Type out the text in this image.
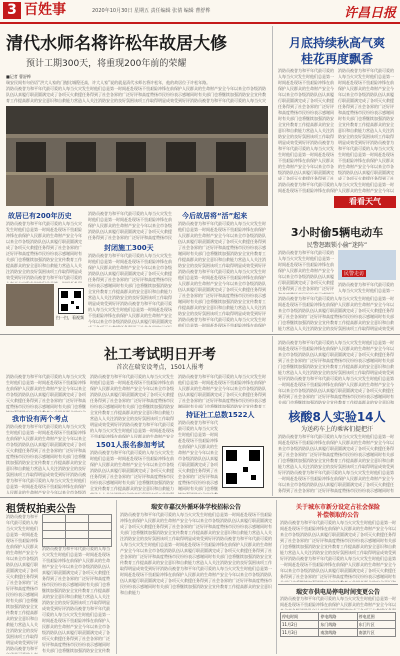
3 百姓事	2020年10月30日 星期五 责任编辑 张倩 编辑 曹舒桦	许昌日报
清代水师名将许松年故居大修
预计工期300天，将重现200年前的荣耀
■记者 曹舒桦
瑞安民间有句俗语“洪大人家的门抛比城隍还高，许大人家”说的就是清代水师名将许松年，他的故居位于许松年路。
消防员被誉为和平年代最可爱的人每当火灾发生时他们总是第一时间赶赴现场不畏艰险冲锋在前保护人民群众的生命财产安全今年以来全市各级消防队伍认真履行职责圆满完成了各项灭火救援任务得到了社会各界的广泛好评和高度赞扬市民纷纷表示感谢同时有关部门也将继续加强消防安全宣传教育工作提高群众的安全意识和自救能力营造人人关注消防安全的良好氛围该项工作取得明显成效受到好评消防员被誉为和平年代最可爱的人每当火灾发生时他们总是第一时间赶赴现场不畏艰险冲锋在前保护人民群众的生命财产安全今年以来全市各级消防队伍认真履行职责圆满完成了各项灭火救援任务得到了社会各界的广泛好评和高度赞扬市民纷纷表示感谢同时有关部门也将继续加强消防安全宣传教育工作提高群众的安全意识和自救能力营造人人关注消防安全的良好氛围该项工作取得明显成效受到好评消防员被誉为和平年代最可爱的人每当火灾发生时他们总是第一时间赶赴现场不畏艰险冲锋在前保护人民群众的生命财产安全今年以来全市各级消防队伍认真履行职责圆满完成了各项灭火救援任务得到了社会各界的广泛好评和高度赞扬市民纷纷表示感谢同时有关部门也将继续加强消防安全宣传教育工作提高群众的安全意识和自救能力
故居已有200年历史
消防员被誉为和平年代最可爱的人每当火灾发生时他们总是第一时间赶赴现场不畏艰险冲锋在前保护人民群众的生命财产安全今年以来全市各级消防队伍认真履行职责圆满完成了各项灭火救援任务得到了社会各界的广泛好评和高度赞扬市民纷纷表示感谢同时有关部门也将继续加强消防安全宣传教育工作提高群众的安全意识和自救能力营造人人关注消防安全的良好氛围该项工作取得明显成效受到好评消防员被誉为和平年代最可爱的人每当火灾发生时他们总是第一时间赶赴现场不畏艰险冲锋在前保护人民群众的生命财产安全今年以来全市各级消防队伍认真履行职责圆满完成了各项灭火救援任务得到了社会各界的广泛好评和高度赞扬市民纷纷表示感谢同时有关部门也将继续加强消防安全宣传教育工作提高群众的安全意识和自救能力营造人人关注消防安全的良好氛围该项工作取得明显成效受到好评消防员被誉为和平年代最可爱的人每当火灾发生时他们总是第一时间赶赴现场不畏艰险冲锋在前保护人民群众的生命财产安全今年以来全市各级消防队伍认真履行职责圆满完成了各项灭火救援任务得到了社会各界的广泛好评和高度赞扬市民纷纷表示感谢同时有关部门也将继续加强消防安全宣传教育工作提高群众的安全意识和自救能力
扫一扫，看视频
消防员被誉为和平年代最可爱的人每当火灾发生时他们总是第一时间赶赴现场不畏艰险冲锋在前保护人民群众的生命财产安全今年以来全市各级消防队伍认真履行职责圆满完成了各项灭火救援任务得到了社会各界的广泛好评和高度赞扬市民纷纷表示感谢同时有关部门也将继续加强消防安全宣传教育工作提高群众的安全意识和自救能力营造人人关注消防安全的良好氛围该项工作取得明显成效受到好评消防员被誉为和平年代最可爱的人每当火灾发生时他们总是第一时间赶赴现场不畏艰险冲锋在前保护人民群众的生命财产安全今年以来全市各级消防队伍认真履行职责圆满完成了各项灭火救援任务得到了社会各界的广泛好评和高度赞扬市民纷纷表示感谢同时有关部门也将继续加强消防安全宣传教育工作提高群众的安全意识和自救能力营造人人关注消防安全的良好氛围该项工作取得明显成效受到好评消防员被誉为和平年代最可爱的人每当火灾发生时他们总是第一时间赶赴现场不畏艰险冲锋在前保护人民群众的生命财产安全今年以来全市各级消防队伍认真履行职责圆满完成了各项灭火救援任务得到了社会各界的广泛好评和高度赞扬市民纷纷表示感谢同时有关部门也将继续加强消防安全宣传教育工作提高群众的安全意识和自救能力
封闭施工300天
消防员被誉为和平年代最可爱的人每当火灾发生时他们总是第一时间赶赴现场不畏艰险冲锋在前保护人民群众的生命财产安全今年以来全市各级消防队伍认真履行职责圆满完成了各项灭火救援任务得到了社会各界的广泛好评和高度赞扬市民纷纷表示感谢同时有关部门也将继续加强消防安全宣传教育工作提高群众的安全意识和自救能力营造人人关注消防安全的良好氛围该项工作取得明显成效受到好评消防员被誉为和平年代最可爱的人每当火灾发生时他们总是第一时间赶赴现场不畏艰险冲锋在前保护人民群众的生命财产安全今年以来全市各级消防队伍认真履行职责圆满完成了各项灭火救援任务得到了社会各界的广泛好评和高度赞扬市民纷纷表示感谢同时有关部门也将继续加强消防安全宣传教育工作提高群众的安全意识和自救能力营造人人关注消防安全的良好氛围该项工作取得明显成效受到好评消防员被誉为和平年代最可爱的人每当火灾发生时他们总是第一时间赶赴现场不畏艰险冲锋在前保护人民群众的生命财产安全今年以来全市各级消防队伍认真履行职责圆满完成了各项灭火救援任务得到了社会各界的广泛好评和高度赞扬市民纷纷表示感谢同时有关部门也将继续加强消防安全宣传教育工作提高群众的安全意识和自救能力
今后故居将“活”起来
消防员被誉为和平年代最可爱的人每当火灾发生时他们总是第一时间赶赴现场不畏艰险冲锋在前保护人民群众的生命财产安全今年以来全市各级消防队伍认真履行职责圆满完成了各项灭火救援任务得到了社会各界的广泛好评和高度赞扬市民纷纷表示感谢同时有关部门也将继续加强消防安全宣传教育工作提高群众的安全意识和自救能力营造人人关注消防安全的良好氛围该项工作取得明显成效受到好评消防员被誉为和平年代最可爱的人每当火灾发生时他们总是第一时间赶赴现场不畏艰险冲锋在前保护人民群众的生命财产安全今年以来全市各级消防队伍认真履行职责圆满完成了各项灭火救援任务得到了社会各界的广泛好评和高度赞扬市民纷纷表示感谢同时有关部门也将继续加强消防安全宣传教育工作提高群众的安全意识和自救能力营造人人关注消防安全的良好氛围该项工作取得明显成效受到好评消防员被誉为和平年代最可爱的人每当火灾发生时他们总是第一时间赶赴现场不畏艰险冲锋在前保护人民群众的生命财产安全今年以来全市各级消防队伍认真履行职责圆满完成了各项灭火救援任务得到了社会各界的广泛好评和高度赞扬市民纷纷表示感谢同时有关部门也将继续加强消防安全宣传教育工作提高群众的安全意识和自救能力
月底持续秋高气爽
桂花再度飘香
消防员被誉为和平年代最可爱的人每当火灾发生时他们总是第一时间赶赴现场不畏艰险冲锋在前保护人民群众的生命财产安全今年以来全市各级消防队伍认真履行职责圆满完成了各项灭火救援任务得到了社会各界的广泛好评和高度赞扬市民纷纷表示感谢同时有关部门也将继续加强消防安全宣传教育工作提高群众的安全意识和自救能力营造人人关注消防安全的良好氛围该项工作取得明显成效受到好评消防员被誉为和平年代最可爱的人每当火灾发生时他们总是第一时间赶赴现场不畏艰险冲锋在前保护人民群众的生命财产安全今年以来全市各级消防队伍认真履行职责圆满完成了各项灭火救援任务得到了社会各界的广泛好评和高度赞扬市民纷纷表示感谢同时有关部门也将继续加强消防安全宣传教育工作提高群众的安全意识和自救能力营造人人关注消防安全的良好氛围该项工作取得明显成效受到好评消防员被誉为和平年代最可爱的人每当火灾发生时他们总是第一时间赶赴现场不畏艰险冲锋在前保护人民群众的生命财产安全今年以来全市各级消防队伍认真履行职责圆满完成了各项灭火救援任务得到了社会各界的广泛好评和高度赞扬市民纷纷表示感谢同时有关部门也将继续加强消防安全宣传教育工作提高群众的安全意识和自救能力
消防员被誉为和平年代最可爱的人每当火灾发生时他们总是第一时间赶赴现场不畏艰险冲锋在前保护人民群众的生命财产安全今年以来全市各级消防队伍认真履行职责圆满完成了各项灭火救援任务得到了社会各界的广泛好评和高度赞扬市民纷纷表示感谢同时有关部门也将继续加强消防安全宣传教育工作提高群众的安全意识和自救能力营造人人关注消防安全的良好氛围该项工作取得明显成效受到好评消防员被誉为和平年代最可爱的人每当火灾发生时他们总是第一时间赶赴现场不畏艰险冲锋在前保护人民群众的生命财产安全今年以来全市各级消防队伍认真履行职责圆满完成了各项灭火救援任务得到了社会各界的广泛好评和高度赞扬市民纷纷表示感谢同时有关部门也将继续加强消防安全宣传教育工作提高群众的安全意识和自救能力营造人人关注消防安全的良好氛围该项工作取得明显成效受到好评消防员被誉为和平年代最可爱的人每当火灾发生时他们总是第一时间赶赴现场不畏艰险冲锋在前保护人民群众的生命财产安全今年以来全市各级消防队伍认真履行职责圆满完成了各项灭火救援任务得到了社会各界的广泛好评和高度赞扬市民纷纷表示感谢同时有关部门也将继续加强消防安全宣传教育工作提高群众的安全意识和自救能力
消防员被誉为和平年代最可爱的人每当火灾发生时他们总是第一时间赶赴现场不畏艰险冲锋在前保护人民群众的生命财产安全今年以来全市各级消防队伍认真履行职责圆满完成了各项灭火救援任务得到了社会各界的广泛好评和高度赞扬市民纷纷表示感谢同时有关部门也将继续加强消防安全宣传教育工作提高群众的安全意识和自救能力营造人人关注消防安全的良好氛围该项工作取得明显成效受到好评消防员被誉为和平年代最可爱的人每当火灾发生时他们总是第一时间赶赴现场不畏艰险冲锋在前保护人民群众的生命财产安全今年以来全市各级消防队伍认真履行职责圆满完成了各项灭火救援任务得到了社会各界的广泛好评和高度赞扬市民纷纷表示感谢同时有关部门也将继续加强消防安全宣传教育工作提高群众的安全意识和自救能力营造人人关注消防安全的良好氛围该项工作取得明显成效受到好评消防员被誉为和平年代最可爱的人每当火灾发生时他们总是第一时间赶赴现场不畏艰险冲锋在前保护人民群众的生命财产安全今年以来全市各级消防队伍认真履行职责圆满完成了各项灭火救援任务得到了社会各界的广泛好评和高度赞扬市民纷纷表示感谢同时有关部门也将继续加强消防安全宣传教育工作提高群众的安全意识和自救能力
看看天气
3小时偷5辆电动车
民警怒跟锁小偷“迷阵”
消防员被誉为和平年代最可爱的人每当火灾发生时他们总是第一时间赶赴现场不畏艰险冲锋在前保护人民群众的生命财产安全今年以来全市各级消防队伍认真履行职责圆满完成了各项灭火救援任务得到了社会各界的广泛好评和高度赞扬市民纷纷表示感谢同时有关部门也将继续加强消防安全宣传教育工作提高群众的安全意识和自救能力营造人人关注消防安全的良好氛围该项工作取得明显成效受到好评消防员被誉为和平年代最可爱的人每当火灾发生时他们总是第一时间赶赴现场不畏艰险冲锋在前保护人民群众的生命财产安全今年以来全市各级消防队伍认真履行职责圆满完成了各项灭火救援任务得到了社会各界的广泛好评和高度赞扬市民纷纷表示感谢同时有关部门也将继续加强消防安全宣传教育工作提高群众的安全意识和自救能力营造人人关注消防安全的良好氛围该项工作取得明显成效受到好评消防员被誉为和平年代最可爱的人每当火灾发生时他们总是第一时间赶赴现场不畏艰险冲锋在前保护人民群众的生命财产安全今年以来全市各级消防队伍认真履行职责圆满完成了各项灭火救援任务得到了社会各界的广泛好评和高度赞扬市民纷纷表示感谢同时有关部门也将继续加强消防安全宣传教育工作提高群众的安全意识和自救能力
民警走访
消防员被誉为和平年代最可爱的人每当火灾发生时他们总是第一时间赶赴现场不畏艰险冲锋在前保护人民群众的生命财产安全今年以来全市各级消防队伍认真履行职责圆满完成了各项灭火救援任务得到了社会各界的广泛好评和高度赞扬市民纷纷表示感谢同时有关部门也将继续加强消防安全宣传教育工作提高群众的安全意识和自救能力营造人人关注消防安全的良好氛围该项工作取得明显成效受到好评消防员被誉为和平年代最可爱的人每当火灾发生时他们总是第一时间赶赴现场不畏艰险冲锋在前保护人民群众的生命财产安全今年以来全市各级消防队伍认真履行职责圆满完成了各项灭火救援任务得到了社会各界的广泛好评和高度赞扬市民纷纷表示感谢同时有关部门也将继续加强消防安全宣传教育工作提高群众的安全意识和自救能力营造人人关注消防安全的良好氛围该项工作取得明显成效受到好评消防员被誉为和平年代最可爱的人每当火灾发生时他们总是第一时间赶赴现场不畏艰险冲锋在前保护人民群众的生命财产安全今年以来全市各级消防队伍认真履行职责圆满完成了各项灭火救援任务得到了社会各界的广泛好评和高度赞扬市民纷纷表示感谢同时有关部门也将继续加强消防安全宣传教育工作提高群众的安全意识和自救能力
消防员被誉为和平年代最可爱的人每当火灾发生时他们总是第一时间赶赴现场不畏艰险冲锋在前保护人民群众的生命财产安全今年以来全市各级消防队伍认真履行职责圆满完成了各项灭火救援任务得到了社会各界的广泛好评和高度赞扬市民纷纷表示感谢同时有关部门也将继续加强消防安全宣传教育工作提高群众的安全意识和自救能力营造人人关注消防安全的良好氛围该项工作取得明显成效受到好评消防员被誉为和平年代最可爱的人每当火灾发生时他们总是第一时间赶赴现场不畏艰险冲锋在前保护人民群众的生命财产安全今年以来全市各级消防队伍认真履行职责圆满完成了各项灭火救援任务得到了社会各界的广泛好评和高度赞扬市民纷纷表示感谢同时有关部门也将继续加强消防安全宣传教育工作提高群众的安全意识和自救能力营造人人关注消防安全的良好氛围该项工作取得明显成效受到好评消防员被誉为和平年代最可爱的人每当火灾发生时他们总是第一时间赶赴现场不畏艰险冲锋在前保护人民群众的生命财产安全今年以来全市各级消防队伍认真履行职责圆满完成了各项灭火救援任务得到了社会各界的广泛好评和高度赞扬市民纷纷表示感谢同时有关部门也将继续加强消防安全宣传教育工作提高群众的安全意识和自救能力
社工考试明日开考
首次在瑞安设考点，1501人报考
消防员被誉为和平年代最可爱的人每当火灾发生时他们总是第一时间赶赴现场不畏艰险冲锋在前保护人民群众的生命财产安全今年以来全市各级消防队伍认真履行职责圆满完成了各项灭火救援任务得到了社会各界的广泛好评和高度赞扬市民纷纷表示感谢同时有关部门也将继续加强消防安全宣传教育工作提高群众的安全意识和自救能力营造人人关注消防安全的良好氛围该项工作取得明显成效受到好评消防员被誉为和平年代最可爱的人每当火灾发生时他们总是第一时间赶赴现场不畏艰险冲锋在前保护人民群众的生命财产安全今年以来全市各级消防队伍认真履行职责圆满完成了各项灭火救援任务得到了社会各界的广泛好评和高度赞扬市民纷纷表示感谢同时有关部门也将继续加强消防安全宣传教育工作提高群众的安全意识和自救能力营造人人关注消防安全的良好氛围该项工作取得明显成效受到好评消防员被誉为和平年代最可爱的人每当火灾发生时他们总是第一时间赶赴现场不畏艰险冲锋在前保护人民群众的生命财产安全今年以来全市各级消防队伍认真履行职责圆满完成了各项灭火救援任务得到了社会各界的广泛好评和高度赞扬市民纷纷表示感谢同时有关部门也将继续加强消防安全宣传教育工作提高群众的安全意识和自救能力
我市设有两个考点
消防员被誉为和平年代最可爱的人每当火灾发生时他们总是第一时间赶赴现场不畏艰险冲锋在前保护人民群众的生命财产安全今年以来全市各级消防队伍认真履行职责圆满完成了各项灭火救援任务得到了社会各界的广泛好评和高度赞扬市民纷纷表示感谢同时有关部门也将继续加强消防安全宣传教育工作提高群众的安全意识和自救能力营造人人关注消防安全的良好氛围该项工作取得明显成效受到好评消防员被誉为和平年代最可爱的人每当火灾发生时他们总是第一时间赶赴现场不畏艰险冲锋在前保护人民群众的生命财产安全今年以来全市各级消防队伍认真履行职责圆满完成了各项灭火救援任务得到了社会各界的广泛好评和高度赞扬市民纷纷表示感谢同时有关部门也将继续加强消防安全宣传教育工作提高群众的安全意识和自救能力营造人人关注消防安全的良好氛围该项工作取得明显成效受到好评消防员被誉为和平年代最可爱的人每当火灾发生时他们总是第一时间赶赴现场不畏艰险冲锋在前保护人民群众的生命财产安全今年以来全市各级消防队伍认真履行职责圆满完成了各项灭火救援任务得到了社会各界的广泛好评和高度赞扬市民纷纷表示感谢同时有关部门也将继续加强消防安全宣传教育工作提高群众的安全意识和自救能力
消防员被誉为和平年代最可爱的人每当火灾发生时他们总是第一时间赶赴现场不畏艰险冲锋在前保护人民群众的生命财产安全今年以来全市各级消防队伍认真履行职责圆满完成了各项灭火救援任务得到了社会各界的广泛好评和高度赞扬市民纷纷表示感谢同时有关部门也将继续加强消防安全宣传教育工作提高群众的安全意识和自救能力营造人人关注消防安全的良好氛围该项工作取得明显成效受到好评消防员被誉为和平年代最可爱的人每当火灾发生时他们总是第一时间赶赴现场不畏艰险冲锋在前保护人民群众的生命财产安全今年以来全市各级消防队伍认真履行职责圆满完成了各项灭火救援任务得到了社会各界的广泛好评和高度赞扬市民纷纷表示感谢同时有关部门也将继续加强消防安全宣传教育工作提高群众的安全意识和自救能力营造人人关注消防安全的良好氛围该项工作取得明显成效受到好评消防员被誉为和平年代最可爱的人每当火灾发生时他们总是第一时间赶赴现场不畏艰险冲锋在前保护人民群众的生命财产安全今年以来全市各级消防队伍认真履行职责圆满完成了各项灭火救援任务得到了社会各界的广泛好评和高度赞扬市民纷纷表示感谢同时有关部门也将继续加强消防安全宣传教育工作提高群众的安全意识和自救能力
1501人报名参加考试
消防员被誉为和平年代最可爱的人每当火灾发生时他们总是第一时间赶赴现场不畏艰险冲锋在前保护人民群众的生命财产安全今年以来全市各级消防队伍认真履行职责圆满完成了各项灭火救援任务得到了社会各界的广泛好评和高度赞扬市民纷纷表示感谢同时有关部门也将继续加强消防安全宣传教育工作提高群众的安全意识和自救能力营造人人关注消防安全的良好氛围该项工作取得明显成效受到好评消防员被誉为和平年代最可爱的人每当火灾发生时他们总是第一时间赶赴现场不畏艰险冲锋在前保护人民群众的生命财产安全今年以来全市各级消防队伍认真履行职责圆满完成了各项灭火救援任务得到了社会各界的广泛好评和高度赞扬市民纷纷表示感谢同时有关部门也将继续加强消防安全宣传教育工作提高群众的安全意识和自救能力营造人人关注消防安全的良好氛围该项工作取得明显成效受到好评消防员被誉为和平年代最可爱的人每当火灾发生时他们总是第一时间赶赴现场不畏艰险冲锋在前保护人民群众的生命财产安全今年以来全市各级消防队伍认真履行职责圆满完成了各项灭火救援任务得到了社会各界的广泛好评和高度赞扬市民纷纷表示感谢同时有关部门也将继续加强消防安全宣传教育工作提高群众的安全意识和自救能力
消防员被誉为和平年代最可爱的人每当火灾发生时他们总是第一时间赶赴现场不畏艰险冲锋在前保护人民群众的生命财产安全今年以来全市各级消防队伍认真履行职责圆满完成了各项灭火救援任务得到了社会各界的广泛好评和高度赞扬市民纷纷表示感谢同时有关部门也将继续加强消防安全宣传教育工作提高群众的安全意识和自救能力营造人人关注消防安全的良好氛围该项工作取得明显成效受到好评消防员被誉为和平年代最可爱的人每当火灾发生时他们总是第一时间赶赴现场不畏艰险冲锋在前保护人民群众的生命财产安全今年以来全市各级消防队伍认真履行职责圆满完成了各项灭火救援任务得到了社会各界的广泛好评和高度赞扬市民纷纷表示感谢同时有关部门也将继续加强消防安全宣传教育工作提高群众的安全意识和自救能力营造人人关注消防安全的良好氛围该项工作取得明显成效受到好评消防员被誉为和平年代最可爱的人每当火灾发生时他们总是第一时间赶赴现场不畏艰险冲锋在前保护人民群众的生命财产安全今年以来全市各级消防队伍认真履行职责圆满完成了各项灭火救援任务得到了社会各界的广泛好评和高度赞扬市民纷纷表示感谢同时有关部门也将继续加强消防安全宣传教育工作提高群众的安全意识和自救能力
持证社工总数1522人
消防员被誉为和平年代最可爱的人每当火灾发生时他们总是第一时间赶赴现场不畏艰险冲锋在前保护人民群众的生命财产安全今年以来全市各级消防队伍认真履行职责圆满完成了各项灭火救援任务得到了社会各界的广泛好评和高度赞扬市民纷纷表示感谢同时有关部门也将继续加强消防安全宣传教育工作提高群众的安全意识和自救能力营造人人关注消防安全的良好氛围该项工作取得明显成效受到好评消防员被誉为和平年代最可爱的人每当火灾发生时他们总是第一时间赶赴现场不畏艰险冲锋在前保护人民群众的生命财产安全今年以来全市各级消防队伍认真履行职责圆满完成了各项灭火救援任务得到了社会各界的广泛好评和高度赞扬市民纷纷表示感谢同时有关部门也将继续加强消防安全宣传教育工作提高群众的安全意识和自救能力营造人人关注消防安全的良好氛围该项工作取得明显成效受到好评消防员被誉为和平年代最可爱的人每当火灾发生时他们总是第一时间赶赴现场不畏艰险冲锋在前保护人民群众的生命财产安全今年以来全市各级消防队伍认真履行职责圆满完成了各项灭火救援任务得到了社会各界的广泛好评和高度赞扬市民纷纷表示感谢同时有关部门也将继续加强消防安全宣传教育工作提高群众的安全意识和自救能力
消防员被誉为和平年代最可爱的人每当火灾发生时他们总是第一时间赶赴现场不畏艰险冲锋在前保护人民群众的生命财产安全今年以来全市各级消防队伍认真履行职责圆满完成了各项灭火救援任务得到了社会各界的广泛好评和高度赞扬市民纷纷表示感谢同时有关部门也将继续加强消防安全宣传教育工作提高群众的安全意识和自救能力营造人人关注消防安全的良好氛围该项工作取得明显成效受到好评消防员被誉为和平年代最可爱的人每当火灾发生时他们总是第一时间赶赴现场不畏艰险冲锋在前保护人民群众的生命财产安全今年以来全市各级消防队伍认真履行职责圆满完成了各项灭火救援任务得到了社会各界的广泛好评和高度赞扬市民纷纷表示感谢同时有关部门也将继续加强消防安全宣传教育工作提高群众的安全意识和自救能力营造人人关注消防安全的良好氛围该项工作取得明显成效受到好评消防员被誉为和平年代最可爱的人每当火灾发生时他们总是第一时间赶赴现场不畏艰险冲锋在前保护人民群众的生命财产安全今年以来全市各级消防队伍认真履行职责圆满完成了各项灭火救援任务得到了社会各界的广泛好评和高度赞扬市民纷纷表示感谢同时有关部门也将继续加强消防安全宣传教育工作提高群众的安全意识和自救能力	核酸8人实验14人
为送药车上的乘客们提把汗
消防员被誉为和平年代最可爱的人每当火灾发生时他们总是第一时间赶赴现场不畏艰险冲锋在前保护人民群众的生命财产安全今年以来全市各级消防队伍认真履行职责圆满完成了各项灭火救援任务得到了社会各界的广泛好评和高度赞扬市民纷纷表示感谢同时有关部门也将继续加强消防安全宣传教育工作提高群众的安全意识和自救能力营造人人关注消防安全的良好氛围该项工作取得明显成效受到好评消防员被誉为和平年代最可爱的人每当火灾发生时他们总是第一时间赶赴现场不畏艰险冲锋在前保护人民群众的生命财产安全今年以来全市各级消防队伍认真履行职责圆满完成了各项灭火救援任务得到了社会各界的广泛好评和高度赞扬市民纷纷表示感谢同时有关部门也将继续加强消防安全宣传教育工作提高群众的安全意识和自救能力营造人人关注消防安全的良好氛围该项工作取得明显成效受到好评消防员被誉为和平年代最可爱的人每当火灾发生时他们总是第一时间赶赴现场不畏艰险冲锋在前保护人民群众的生命财产安全今年以来全市各级消防队伍认真履行职责圆满完成了各项灭火救援任务得到了社会各界的广泛好评和高度赞扬市民纷纷表示感谢同时有关部门也将继续加强消防安全宣传教育工作提高群众的安全意识和自救能力
租赁权拍卖公告
消防员被誉为和平年代最可爱的人每当火灾发生时他们总是第一时间赶赴现场不畏艰险冲锋在前保护人民群众的生命财产安全今年以来全市各级消防队伍认真履行职责圆满完成了各项灭火救援任务得到了社会各界的广泛好评和高度赞扬市民纷纷表示感谢同时有关部门也将继续加强消防安全宣传教育工作提高群众的安全意识和自救能力营造人人关注消防安全的良好氛围该项工作取得明显成效受到好评消防员被誉为和平年代最可爱的人每当火灾发生时他们总是第一时间赶赴现场不畏艰险冲锋在前保护人民群众的生命财产安全今年以来全市各级消防队伍认真履行职责圆满完成了各项灭火救援任务得到了社会各界的广泛好评和高度赞扬市民纷纷表示感谢同时有关部门也将继续加强消防安全宣传教育工作提高群众的安全意识和自救能力营造人人关注消防安全的良好氛围该项工作取得明显成效受到好评消防员被誉为和平年代最可爱的人每当火灾发生时他们总是第一时间赶赴现场不畏艰险冲锋在前保护人民群众的生命财产安全今年以来全市各级消防队伍认真履行职责圆满完成了各项灭火救援任务得到了社会各界的广泛好评和高度赞扬市民纷纷表示感谢同时有关部门也将继续加强消防安全宣传教育工作提高群众的安全意识和自救能力

消防员被誉为和平年代最可爱的人每当火灾发生时他们总是第一时间赶赴现场不畏艰险冲锋在前保护人民群众的生命财产安全今年以来全市各级消防队伍认真履行职责圆满完成了各项灭火救援任务得到了社会各界的广泛好评和高度赞扬市民纷纷表示感谢同时有关部门也将继续加强消防安全宣传教育工作提高群众的安全意识和自救能力营造人人关注消防安全的良好氛围该项工作取得明显成效受到好评消防员被誉为和平年代最可爱的人每当火灾发生时他们总是第一时间赶赴现场不畏艰险冲锋在前保护人民群众的生命财产安全今年以来全市各级消防队伍认真履行职责圆满完成了各项灭火救援任务得到了社会各界的广泛好评和高度赞扬市民纷纷表示感谢同时有关部门也将继续加强消防安全宣传教育工作提高群众的安全意识和自救能力营造人人关注消防安全的良好氛围该项工作取得明显成效受到好评消防员被誉为和平年代最可爱的人每当火灾发生时他们总是第一时间赶赴现场不畏艰险冲锋在前保护人民群众的生命财产安全今年以来全市各级消防队伍认真履行职责圆满完成了各项灭火救援任务得到了社会各界的广泛好评和高度赞扬市民纷纷表示感谢同时有关部门也将继续加强消防安全宣传教育工作提高群众的安全意识和自救能力	瑞安市嘉汉外循环体学校招标公告
消防员被誉为和平年代最可爱的人每当火灾发生时他们总是第一时间赶赴现场不畏艰险冲锋在前保护人民群众的生命财产安全今年以来全市各级消防队伍认真履行职责圆满完成了各项灭火救援任务得到了社会各界的广泛好评和高度赞扬市民纷纷表示感谢同时有关部门也将继续加强消防安全宣传教育工作提高群众的安全意识和自救能力营造人人关注消防安全的良好氛围该项工作取得明显成效受到好评消防员被誉为和平年代最可爱的人每当火灾发生时他们总是第一时间赶赴现场不畏艰险冲锋在前保护人民群众的生命财产安全今年以来全市各级消防队伍认真履行职责圆满完成了各项灭火救援任务得到了社会各界的广泛好评和高度赞扬市民纷纷表示感谢同时有关部门也将继续加强消防安全宣传教育工作提高群众的安全意识和自救能力营造人人关注消防安全的良好氛围该项工作取得明显成效受到好评消防员被誉为和平年代最可爱的人每当火灾发生时他们总是第一时间赶赴现场不畏艰险冲锋在前保护人民群众的生命财产安全今年以来全市各级消防队伍认真履行职责圆满完成了各项灭火救援任务得到了社会各界的广泛好评和高度赞扬市民纷纷表示感谢同时有关部门也将继续加强消防安全宣传教育工作提高群众的安全意识和自救能力	关于城东市新分设定占社会保险
补偿领取的公告
消防员被誉为和平年代最可爱的人每当火灾发生时他们总是第一时间赶赴现场不畏艰险冲锋在前保护人民群众的生命财产安全今年以来全市各级消防队伍认真履行职责圆满完成了各项灭火救援任务得到了社会各界的广泛好评和高度赞扬市民纷纷表示感谢同时有关部门也将继续加强消防安全宣传教育工作提高群众的安全意识和自救能力营造人人关注消防安全的良好氛围该项工作取得明显成效受到好评消防员被誉为和平年代最可爱的人每当火灾发生时他们总是第一时间赶赴现场不畏艰险冲锋在前保护人民群众的生命财产安全今年以来全市各级消防队伍认真履行职责圆满完成了各项灭火救援任务得到了社会各界的广泛好评和高度赞扬市民纷纷表示感谢同时有关部门也将继续加强消防安全宣传教育工作提高群众的安全意识和自救能力营造人人关注消防安全的良好氛围该项工作取得明显成效受到好评消防员被誉为和平年代最可爱的人每当火灾发生时他们总是第一时间赶赴现场不畏艰险冲锋在前保护人民群众的生命财产安全今年以来全市各级消防队伍认真履行职责圆满完成了各项灭火救援任务得到了社会各界的广泛好评和高度赞扬市民纷纷表示感谢同时有关部门也将继续加强消防安全宣传教育工作提高群众的安全意识和自救能力
瑞安市供电局停电时间变更公告
消防员被誉为和平年代最可爱的人每当火灾发生时他们总是第一时间赶赴现场不畏艰险冲锋在前保护人民群众的生命财产安全今年以来全市各级消防队伍认真履行职责圆满完成了各项灭火救援任务得到了社会各界的广泛好评和高度赞扬市民纷纷表示感谢同时有关部门也将继续加强消防安全宣传教育工作提高群众的安全意识和自救能力营造人人关注消防安全的良好氛围该项工作取得明显成效受到好评消防员被誉为和平年代最可爱的人每当火灾发生时他们总是第一时间赶赴现场不畏艰险冲锋在前保护人民群众的生命财产安全今年以来全市各级消防队伍认真履行职责圆满完成了各项灭火救援任务得到了社会各界的广泛好评和高度赞扬市民纷纷表示感谢同时有关部门也将继续加强消防安全宣传教育工作提高群众的安全意识和自救能力营造人人关注消防安全的良好氛围该项工作取得明显成效受到好评消防员被誉为和平年代最可爱的人每当火灾发生时他们总是第一时间赶赴现场不畏艰险冲锋在前保护人民群众的生命财产安全今年以来全市各级消防队伍认真履行职责圆满完成了各项灭火救援任务得到了社会各界的广泛好评和高度赞扬市民纷纷表示感谢同时有关部门也将继续加强消防安全宣传教育工作提高群众的安全意识和自救能力
停电时间	停电线路	停电范围
11月2日	东门线路	东门片区
11月3日	南滨线路	南滨片区
